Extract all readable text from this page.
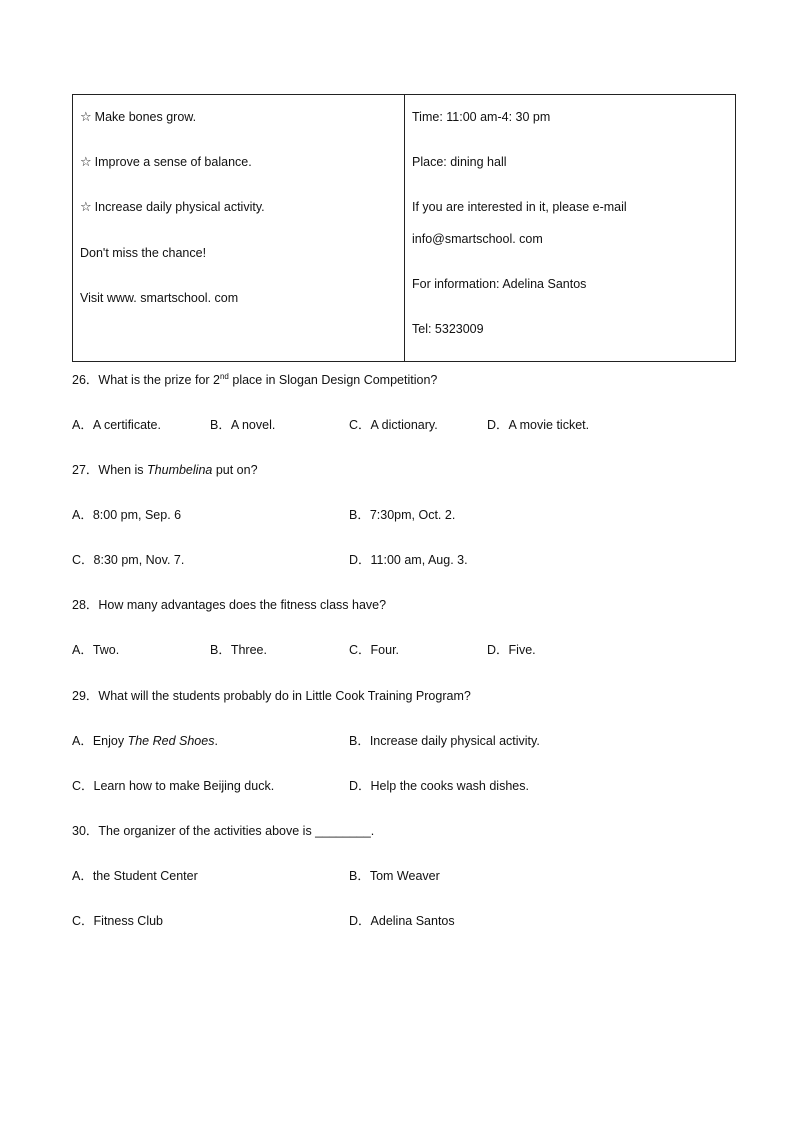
☆ Make bones grow.
☆ Improve a sense of balance.
☆ Increase daily physical activity.
Don't miss the chance!
Visit www. smartschool. com
Time: 11:00 am-4: 30 pm
Place: dining hall
If you are interested in it, please e-mail
info@smartschool. com
For information: Adelina Santos
Tel: 5323009
26．What is the prize for 2nd place in Slogan Design Competition?
A．A certificate.	B．A novel.	C．A dictionary.	D．A movie ticket.
27．When is Thumbelina put on?
A．8:00 pm, Sep. 6	B．7:30pm, Oct. 2.
C．8:30 pm, Nov. 7.	D．11:00 am, Aug. 3.
28．How many advantages does the fitness class have?
A．Two.	B．Three.	C．Four.	D．Five.
29．What will the students probably do in Little Cook Training Program?
A．Enjoy The Red Shoes.	B．Increase daily physical activity.
C．Learn how to make Beijing duck.	D．Help the cooks wash dishes.
30．The organizer of the activities above is ________.
A．the Student Center	B．Tom Weaver
C．Fitness Club	D．Adelina Santos
